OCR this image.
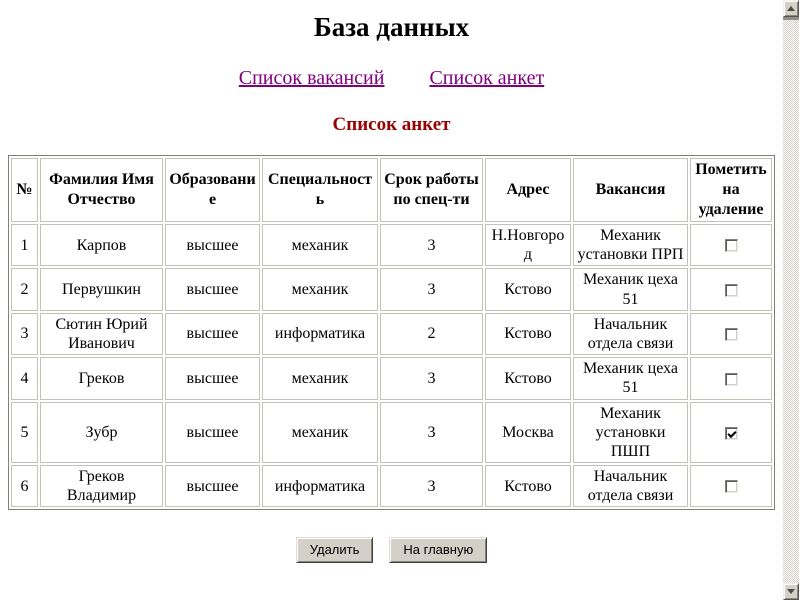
База данных
Список вакансий Список анкет
Список анкет
№	Фамилия Имя Отчество	Образование	Специальность	Срок работы по спец-ти	Адрес	Вакансия	Пометить на удаление
1	Карпов	высшее	механик	3	Н.Новгород	Механик установки ПРП	
2	Первушкин	высшее	механик	3	Кстово	Механик цеха 51	
3	Сютин Юрий Иванович	высшее	информатика	2	Кстово	Начальник отдела связи	
4	Греков	высшее	механик	3	Кстово	Механик цеха 51	
5	Зубр	высшее	механик	3	Москва	Механик установки ПШП	
6	Греков Владимир	высшее	информатика	3	Кстово	Начальник отдела связи	
Удалить	На главную
